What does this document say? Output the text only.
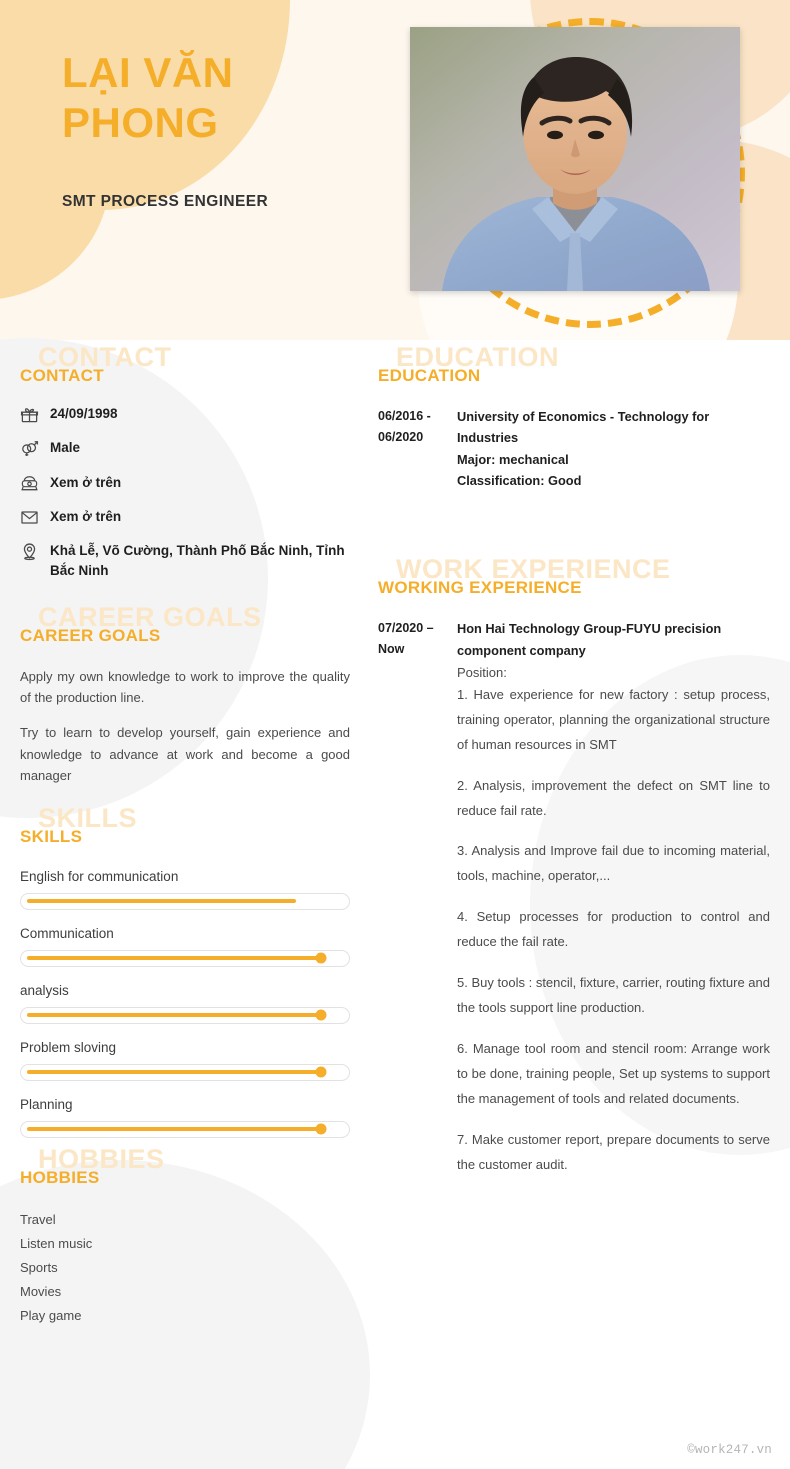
LẠI VĂN
PHONG
SMT PROCESS ENGINEER
CONTACT
CONTACT
24/09/1998
Male
Xem ở trên
Xem ở trên
Khả Lễ, Võ Cường, Thành Phố Bắc Ninh, Tỉnh Bắc Ninh
CAREER GOALS
CAREER GOALS

Apply my own knowledge to work to improve the quality of the production line.

Try to learn to develop yourself, gain experience and knowledge to advance at work and become a good manager

SKILLS
SKILLS
English for communication
Communication
analysis
Problem sloving
Planning
HOBBIES
HOBBIES
Travel
Listen music
Sports
Movies
Play game
EDUCATION
EDUCATION
06/2016 - 06/2020
University of Economics - Technology for Industries
Major: mechanical
Classification: Good
WORK EXPERIENCE
WORKING EXPERIENCE
07/2020 – Now
Hon Hai Technology Group-FUYU precision component company
Position:

1. Have experience for new factory : setup process, training operator, planning the organizational structure of human resources in SMT

2. Analysis, improvement the defect on SMT line to reduce fail rate.

3. Analysis and Improve fail due to incoming material, tools, machine, operator,...

4. Setup processes for production to control and reduce the fail rate.

5. Buy tools : stencil, fixture, carrier, routing fixture and the tools support line production.

6. Manage tool room and stencil room: Arrange work to be done, training people, Set up systems to support the management of tools and related documents.

7. Make customer report, prepare documents to serve the customer audit.

©work247.vn
